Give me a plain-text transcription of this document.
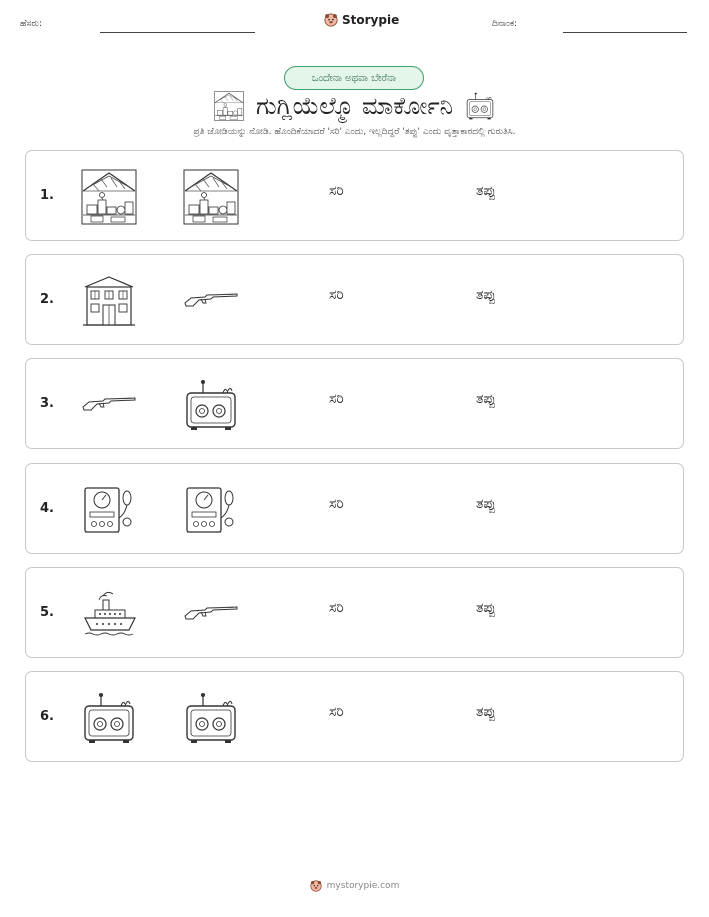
ಹೆಸರು:	Storypie	ದಿನಾಂಕ:
ಒಂದೇನಾ ಅಥವಾ ಬೇರೆನಾ
ಗುಗ್ಲಿಯೆಲ್ಮೊ ಮಾರ್ಕೋನಿ
ಪ್ರತಿ ಜೋಡಿಯನ್ನು ನೋಡಿ. ಹೊಂದಿಕೆಯಾದರೆ 'ಸರಿ' ಎಂದು, ಇಲ್ಲದಿದ್ದರೆ 'ತಪ್ಪು' ಎಂದು ವೃತ್ತಾಕಾರದಲ್ಲಿ ಗುರುತಿಸಿ.
1.	ಸರಿ	ತಪ್ಪು
2.	ಸರಿ	ತಪ್ಪು
3.	ಸರಿ	ತಪ್ಪು
4.	ಸರಿ	ತಪ್ಪು
5.	ಸರಿ	ತಪ್ಪು
6.	ಸರಿ	ತಪ್ಪು
mystorypie.com
